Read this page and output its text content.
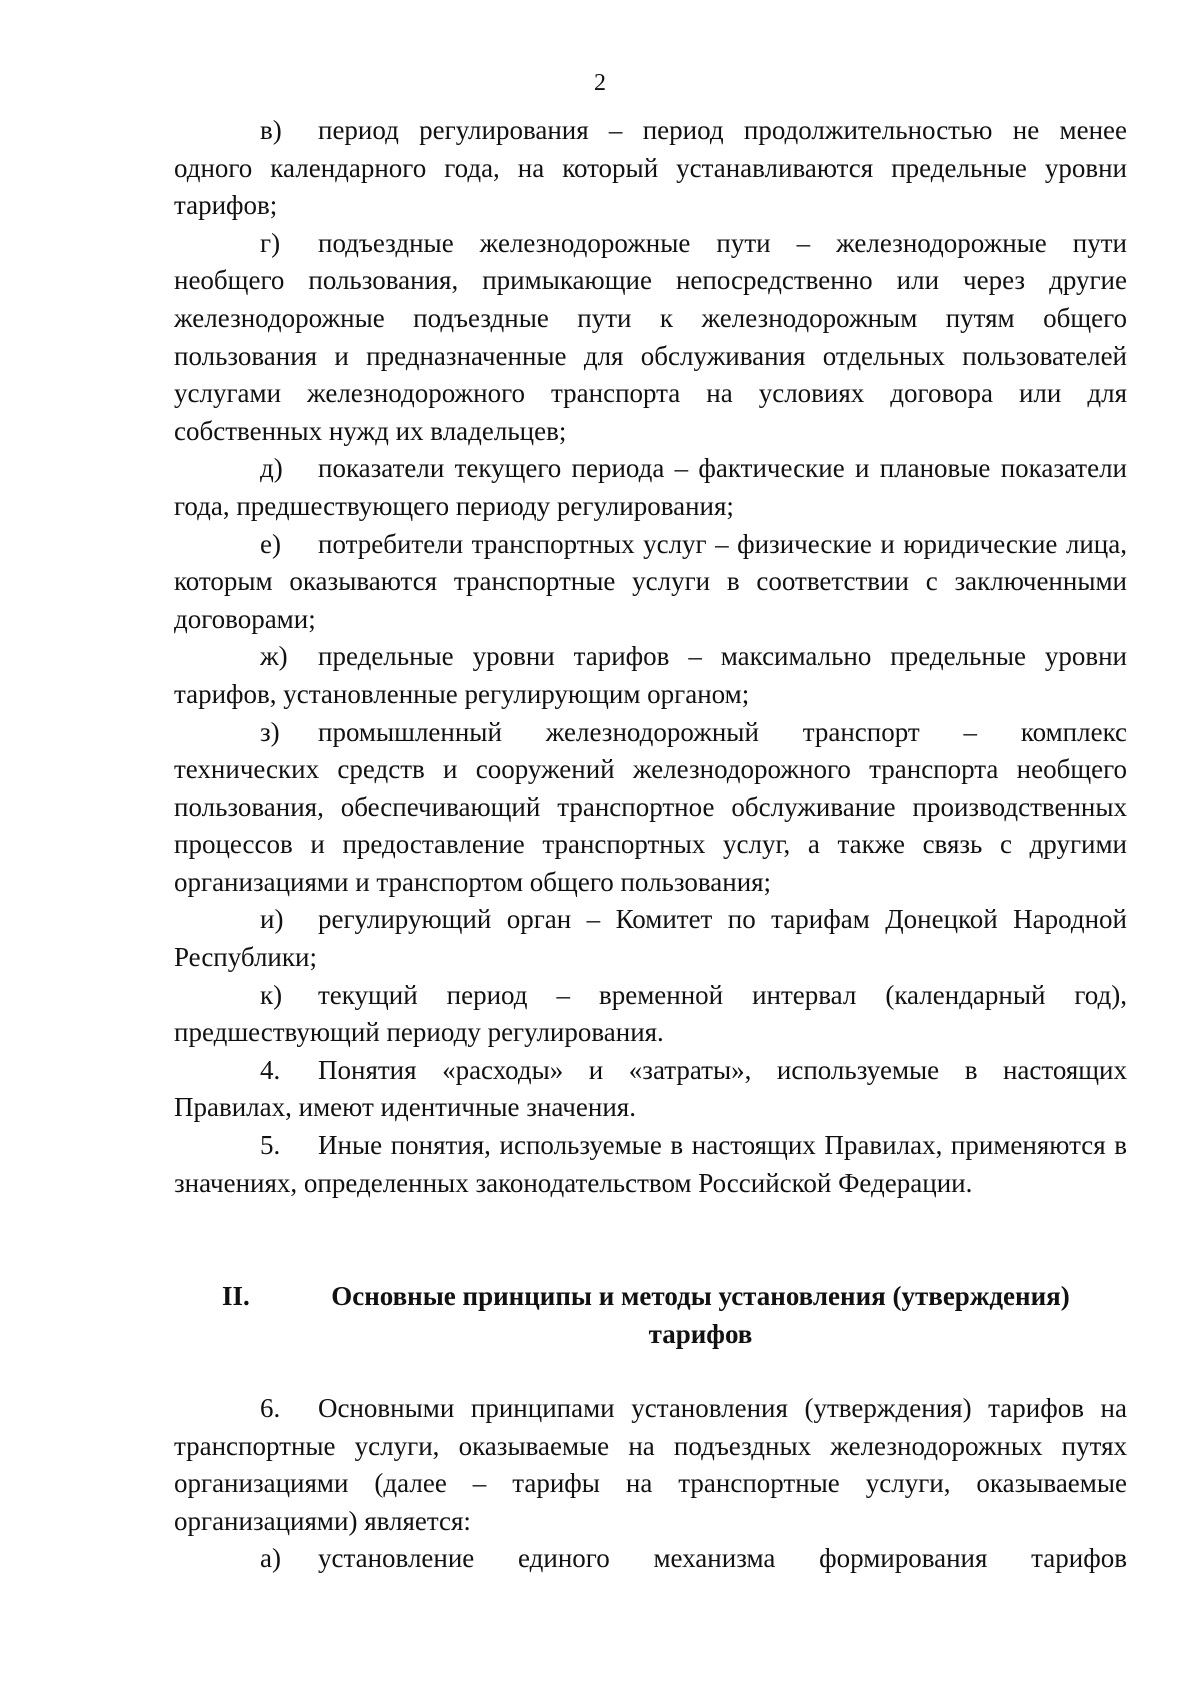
2

в) период регулирования – период продолжительностью не менее одного календарного года, на который устанавливаются предельные уровни тарифов;

г) подъездные железнодорожные пути – железнодорожные пути необщего пользования, примыкающие непосредственно или через другие железнодорожные подъездные пути к железнодорожным путям общего пользования и предназначенные для обслуживания отдельных пользователей услугами железнодорожного транспорта на условиях договора или для собственных нужд их владельцев;

д) показатели текущего периода – фактические и плановые показатели года, предшествующего периоду регулирования;

е) потребители транспортных услуг – физические и юридические лица, которым оказываются транспортные услуги в соответствии с заключенными договорами;

ж) предельные уровни тарифов – максимально предельные уровни тарифов, установленные регулирующим органом;

з) промышленный железнодорожный транспорт – комплекс технических средств и сооружений железнодорожного транспорта необщего пользования, обеспечивающий транспортное обслуживание производственных процессов и предоставление транспортных услуг, а также связь с другими организациями и транспортом общего пользования;

и) регулирующий орган – Комитет по тарифам Донецкой Народной Республики;

к) текущий период – временной интервал (календарный год), предшествующий периоду регулирования.

4. Понятия «расходы» и «затраты», используемые в настоящих Правилах, имеют идентичные значения.

5. Иные понятия, используемые в настоящих Правилах, применяются в значениях, определенных законодательством Российской Федерации.

II.	Основные принципы и методы установления (утверждения) тарифов

6. Основными принципами установления (утверждения) тарифов на транспортные услуги, оказываемые на подъездных железнодорожных путях организациями (далее – тарифы на транспортные услуги, оказываемые организациями) является:

а) установление единого механизма формирования тарифов
